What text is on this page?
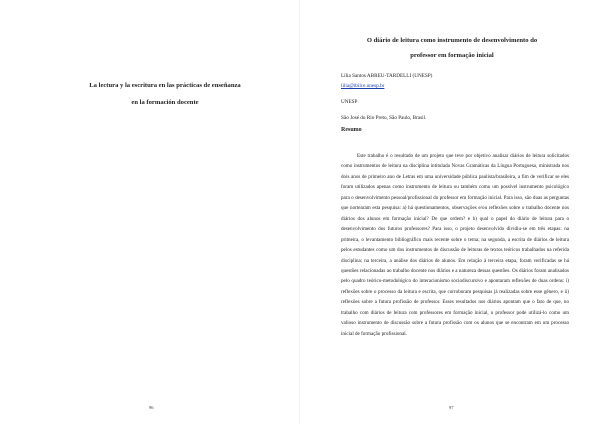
La lectura y la escritura en las prácticas de enseñanza
en la formación docente
96
O diário de leitura como instrumento de desenvolvimento do
professor em formação inicial
Lília Santos ABREU-TARDELLI (UNESP)
lilia@ibilce.unesp.br
UNESP
São José do Rio Preto, São Paulo, Brasil.
Resumo

Este trabalho é o resultado de um projeto que teve por objetivo analisar diários de leitura solicitados como instrumentos de leitura na disciplina intitulada Novas Gramáticas da Língua Portuguesa, ministrada nos dois anos de primeiro ano de Letras em uma universidade pública paulista/brasileira, a fim de verificar se eles foram utilizados apenas como instrumento de leitura ou também como um possível instrumento psicológico para o desenvolvimento pessoal/profissional do professor em formação inicial. Para isso, são duas as perguntas que nortearam esta pesquisa: a) há questionamentos, observações e/ou reflexões sobre o trabalho docente nos diários dos alunos em formação inicial? De que ordem? e b) qual o papel do diário de leitura para o desenvolvimento dos futuros professores? Para isso, o projeto desenvolvido dividiu-se em três etapas: na primeira, o levantamento bibliográfico mais recente sobre o tema; na segunda, a escrita de diários de leitura pelos estudantes como um dos instrumentos de discussão de leituras de textos teóricos trabalhados na referida disciplina; na terceira, a análise dos diários de alunos. Em relação à terceira etapa, foram verificadas se há questões relacionadas ao trabalho docente nos diários e a natureza dessas questões. Os diários foram analisados pelo quadro teórico-metodológico do interacionismo sociodiscursivo e apontaram reflexões de duas ordens: i) reflexões sobre o processo da leitura e escrita, que corroboram pesquisas já realizadas sobre esse gênero, e ii) reflexões sobre a futura profissão de professor. Esses resultados nos diários apontam que o fato de que, no trabalho com diários de leitura com professores em formação inicial, o professor pode utilizá-lo como um valioso instrumento de discussão sobre a futura profissão com os alunos que se encontram em um processo inicial de formação profissional.

97
